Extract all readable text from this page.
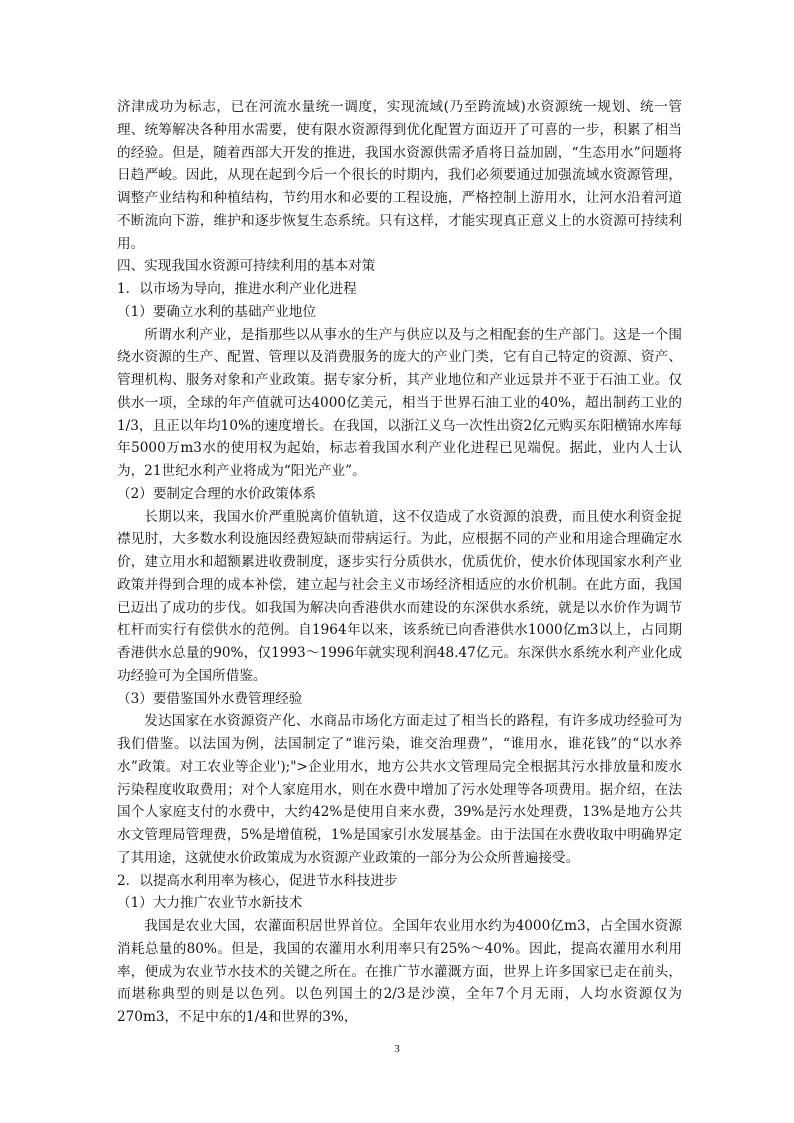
济津成功为标志，已在河流水量统一调度，实现流域(乃至跨流域)水资源统一规划、统一管理、统筹解决各种用水需要，使有限水资源得到优化配置方面迈开了可喜的一步，积累了相当的经验。但是，随着西部大开发的推进，我国水资源供需矛盾将日益加剧，“生态用水”问题将日趋严峻。因此，从现在起到今后一个很长的时期内，我们必须要通过加强流域水资源管理，调整产业结构和种植结构，节约用水和必要的工程设施，严格控制上游用水，让河水沿着河道不断流向下游，维护和逐步恢复生态系统。只有这样，才能实现真正意义上的水资源可持续利用。

四、实现我国水资源可持续利用的基本对策

1．以市场为导向，推进水利产业化进程

（1）要确立水利的基础产业地位

所谓水利产业，是指那些以从事水的生产与供应以及与之相配套的生产部门。这是一个围绕水资源的生产、配置、管理以及消费服务的庞大的产业门类，它有自己特定的资源、资产、管理机构、服务对象和产业政策。据专家分析，其产业地位和产业远景并不亚于石油工业。仅供水一项，全球的年产值就可达4000亿美元，相当于世界石油工业的40%，超出制药工业的1/3，且正以年均10%的速度增长。在我国，以浙江义乌一次性出资2亿元购买东阳横锦水库每年5000万m3水的使用权为起始，标志着我国水利产业化进程已见端倪。据此，业内人士认为，21世纪水利产业将成为“阳光产业”。

（2）要制定合理的水价政策体系

长期以来，我国水价严重脱离价值轨道，这不仅造成了水资源的浪费，而且使水利资金捉襟见肘，大多数水利设施因经费短缺而带病运行。为此，应根据不同的产业和用途合理确定水价，建立用水和超额累进收费制度，逐步实行分质供水，优质优价，使水价体现国家水利产业政策并得到合理的成本补偿，建立起与社会主义市场经济相适应的水价机制。在此方面，我国已迈出了成功的步伐。如我国为解决向香港供水而建设的东深供水系统，就是以水价作为调节杠杆而实行有偿供水的范例。自1964年以来，该系统已向香港供水1000亿m3以上，占同期香港供水总量的90%，仅1993～1996年就实现利润48.47亿元。东深供水系统水利产业化成功经验可为全国所借鉴。

（3）要借鉴国外水费管理经验

发达国家在水资源资产化、水商品市场化方面走过了相当长的路程，有许多成功经验可为我们借鉴。以法国为例，法国制定了“谁污染，谁交治理费”，“谁用水，谁花钱”的“以水养水”政策。对工农业等企业');">企业用水，地方公共水文管理局完全根据其污水排放量和废水污染程度收取费用；对个人家庭用水，则在水费中增加了污水处理等各项费用。据介绍，在法国个人家庭支付的水费中，大约42%是使用自来水费，39%是污水处理费，13%是地方公共水文管理局管理费，5%是增值税，1%是国家引水发展基金。由于法国在水费收取中明确界定了其用途，这就使水价政策成为水资源产业政策的一部分为公众所普遍接受。

2．以提高水利用率为核心，促进节水科技进步

（1）大力推广农业节水新技术

我国是农业大国，农灌面积居世界首位。全国年农业用水约为4000亿m3，占全国水资源消耗总量的80%。但是，我国的农灌用水利用率只有25%～40%。因此，提高农灌用水利用率，便成为农业节水技术的关键之所在。在推广节水灌溉方面，世界上许多国家已走在前头，而堪称典型的则是以色列。以色列国土的2/3是沙漠，全年7个月无雨，人均水资源仅为270m3，不足中东的1/4和世界的3%，

3
